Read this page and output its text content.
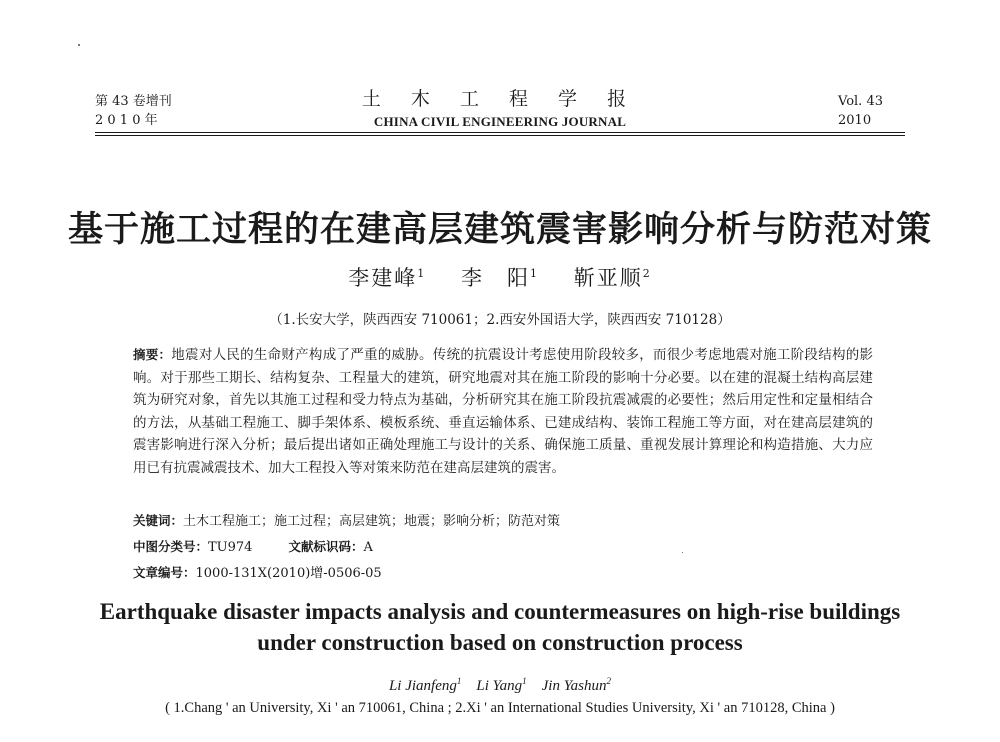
第 43 卷增刊
2 0 1 0 年
土 木 工 程 学 报
CHINA CIVIL ENGINEERING JOURNAL
Vol. 43
2010
基于施工过程的在建高层建筑震害影响分析与防范对策
李建峰$^1$ 李　阳$^1$ 靳亚顺$^2$
（1.长安大学，陕西西安 710061；2.西安外国语大学，陕西西安 710128）
摘要：地震对人民的生命财产构成了严重的威胁。传统的抗震设计考虑使用阶段较多，而很少考虑地震对施工阶段结构的影响。对于那些工期长、结构复杂、工程量大的建筑，研究地震对其在施工阶段的影响十分必要。以在建的混凝土结构高层建筑为研究对象，首先以其施工过程和受力特点为基础，分析研究其在施工阶段抗震减震的必要性；然后用定性和定量相结合的方法，从基础工程施工、脚手架体系、模板系统、垂直运输体系、已建成结构、装饰工程施工等方面，对在建高层建筑的震害影响进行深入分析；最后提出诸如正确处理施工与设计的关系、确保施工质量、重视发展计算理论和构造措施、大力应用已有抗震减震技术、加大工程投入等对策来防范在建高层建筑的震害。
关键词：土木工程施工；施工过程；高层建筑；地震；影响分析；防范对策
中图分类号：TU974	文献标识码：A
文章编号：1000-131X(2010)增-0506-05
Earthquake disaster impacts analysis and countermeasures on high-rise buildings
under construction based on construction process
Li Jianfeng$^1$ Li Yang$^1$ Jin Yashun$^2$
( 1.Chang ' an University, Xi ' an 710061, China ; 2.Xi ' an International Studies University, Xi ' an 710128, China )
